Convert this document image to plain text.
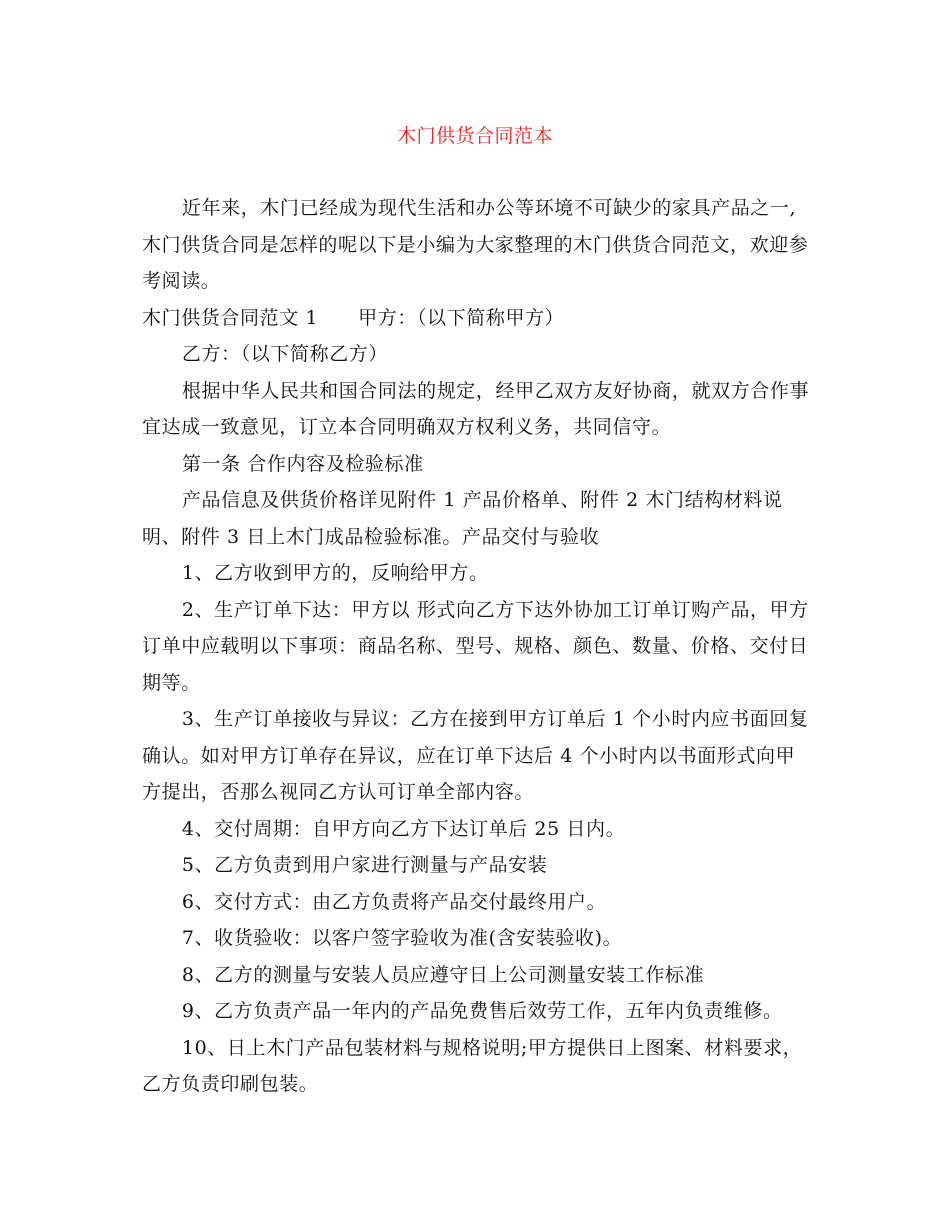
木门供货合同范本

近年来，木门已经成为现代生活和办公等环境不可缺少的家具产品之一,木门供货合同是怎样的呢以下是小编为大家整理的木门供货合同范文，欢迎参考阅读。

木门供货合同范文 1 甲方：（以下简称甲方）

乙方：（以下简称乙方）

根据中华人民共和国合同法的规定，经甲乙双方友好协商，就双方合作事宜达成一致意见，订立本合同明确双方权利义务，共同信守。

第一条 合作内容及检验标准

产品信息及供货价格详见附件 1 产品价格单、附件 2 木门结构材料说明、附件 3 日上木门成品检验标准。产品交付与验收

1、乙方收到甲方的，反响给甲方。

2、生产订单下达：甲方以 形式向乙方下达外协加工订单订购产品，甲方订单中应载明以下事项：商品名称、型号、规格、颜色、数量、价格、交付日期等。

3、生产订单接收与异议：乙方在接到甲方订单后 1 个小时内应书面回复确认。如对甲方订单存在异议，应在订单下达后 4 个小时内以书面形式向甲方提出，否那么视同乙方认可订单全部内容。

4、交付周期：自甲方向乙方下达订单后 25 日内。

5、乙方负责到用户家进行测量与产品安装

6、交付方式：由乙方负责将产品交付最终用户。

7、收货验收：以客户签字验收为准(含安装验收)。

8、乙方的测量与安装人员应遵守日上公司测量安装工作标准

9、乙方负责产品一年内的产品免费售后效劳工作，五年内负责维修。

10、日上木门产品包装材料与规格说明;甲方提供日上图案、材料要求，乙方负责印刷包装。
